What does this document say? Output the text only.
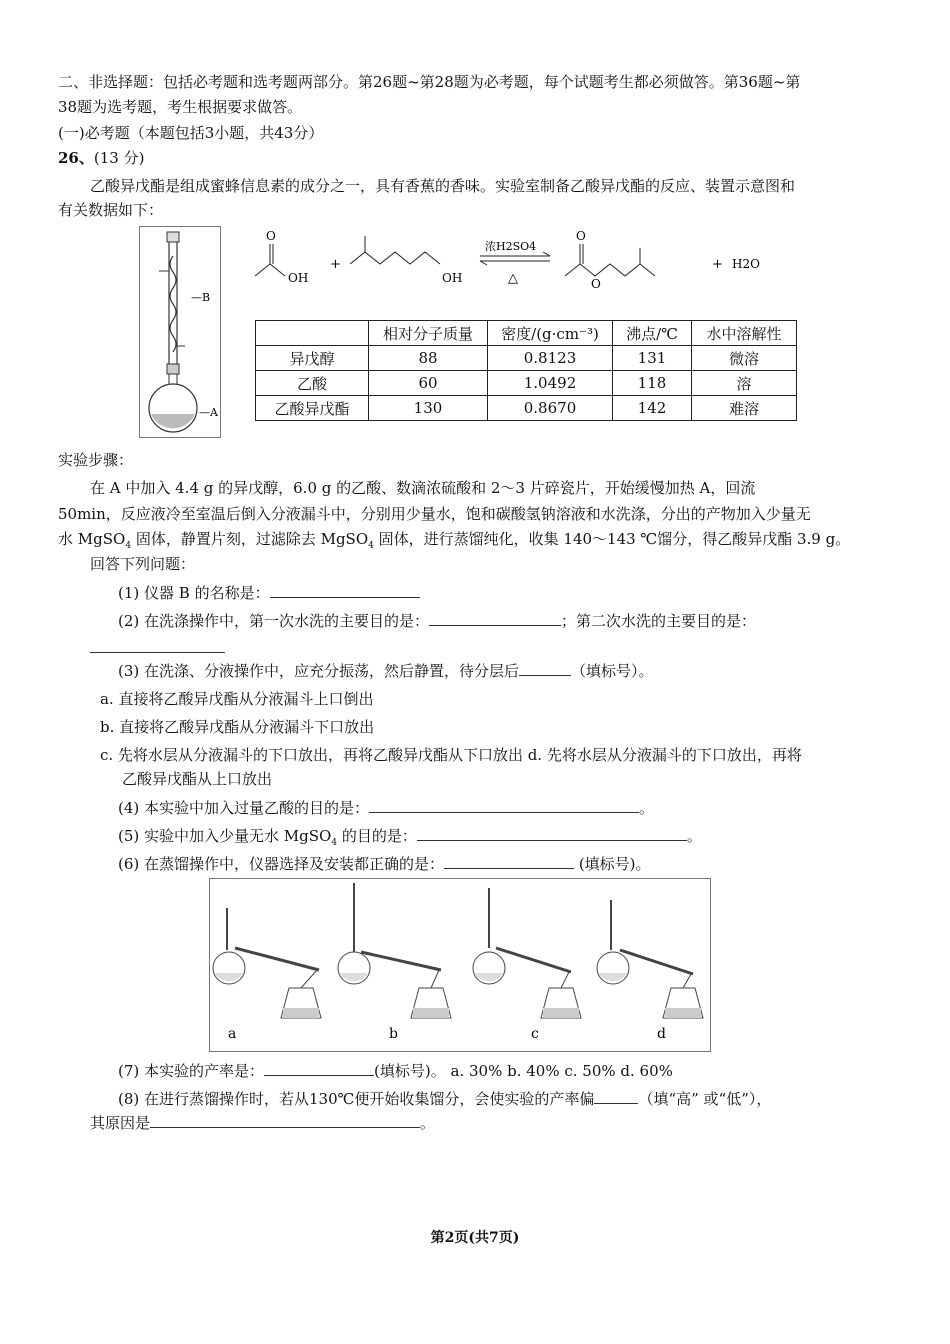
二、非选择题：包括必考题和选考题两部分。第26题~第28题为必考题，每个试题考生都必须做答。第36题~第
38题为选考题，考生根据要求做答。
(一)必考题（本题包括3小题，共43分）
26、(13 分)
乙酸异戊酯是组成蜜蜂信息素的成分之一，具有香蕉的香味。实验室制备乙酸异戊酯的反应、装置示意图和
有关数据如下：
—B
—A
O
OH
+
OH
浓H2SO4
△
O
O
+ H2O
	相对分子质量	密度/(g·cm⁻³)	沸点/℃	水中溶解性
异戊醇	88	0.8123	131	微溶
乙酸	60	1.0492	118	溶
乙酸异戊酯	130	0.8670	142	难溶
实验步骤：
在 A 中加入 4.4 g 的异戊醇，6.0 g 的乙酸、数滴浓硫酸和 2～3 片碎瓷片，开始缓慢加热 A，回流
50min，反应液冷至室温后倒入分液漏斗中，分别用少量水，饱和碳酸氢钠溶液和水洗涤，分出的产物加入少量无
水 MgSO$_4$ 固体，静置片刻，过滤除去 MgSO$_4$ 固体，进行蒸馏纯化，收集 140～143 ℃馏分，得乙酸异戊酯 3.9 g。
回答下列问题：
(1) 仪器 B 的名称是：
(2) 在洗涤操作中，第一次水洗的主要目的是：	；第二次水洗的主要目的是：
(3) 在洗涤、分液操作中，应充分振荡，然后静置，待分层后	（填标号）。
a. 直接将乙酸异戊酯从分液漏斗上口倒出
b. 直接将乙酸异戊酯从分液漏斗下口放出
c. 先将水层从分液漏斗的下口放出，再将乙酸异戊酯从下口放出 d. 先将水层从分液漏斗的下口放出，再将
乙酸异戊酯从上口放出
(4) 本实验中加入过量乙酸的目的是：	。
(5) 实验中加入少量无水 MgSO$_4$ 的目的是：	。
(6) 在蒸馏操作中，仪器选择及安装都正确的是：	(填标号)。
a	b	c	d
(7) 本实验的产率是：	(填标号)。 a. 30% b. 40% c. 50% d. 60%
(8) 在进行蒸馏操作时，若从130℃便开始收集馏分，会使实验的产率偏	（填“高” 或“低”），
其原因是	。
第2页(共7页)
